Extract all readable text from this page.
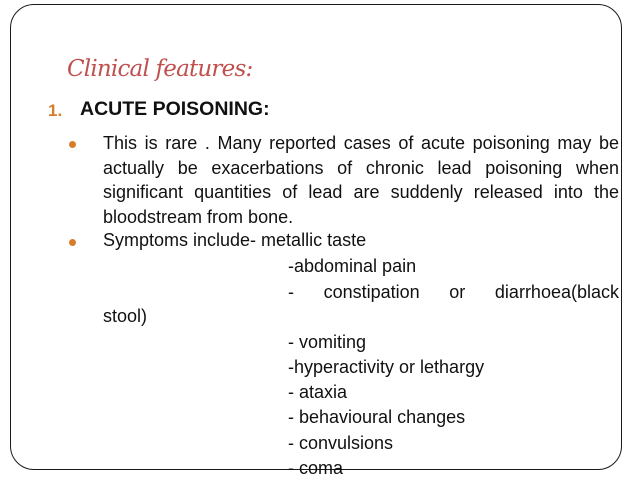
Clinical features:
1. ACUTE POISONING:
This is rare . Many reported cases of acute poisoning may be actually be exacerbations of chronic lead poisoning when significant quantities of lead are suddenly released into the bloodstream from bone.
Symptoms include- metallic taste
-abdominal pain
- constipation or diarrhoea(black
stool)
- vomiting
-hyperactivity or lethargy
- ataxia
- behavioural changes
- convulsions
- coma
